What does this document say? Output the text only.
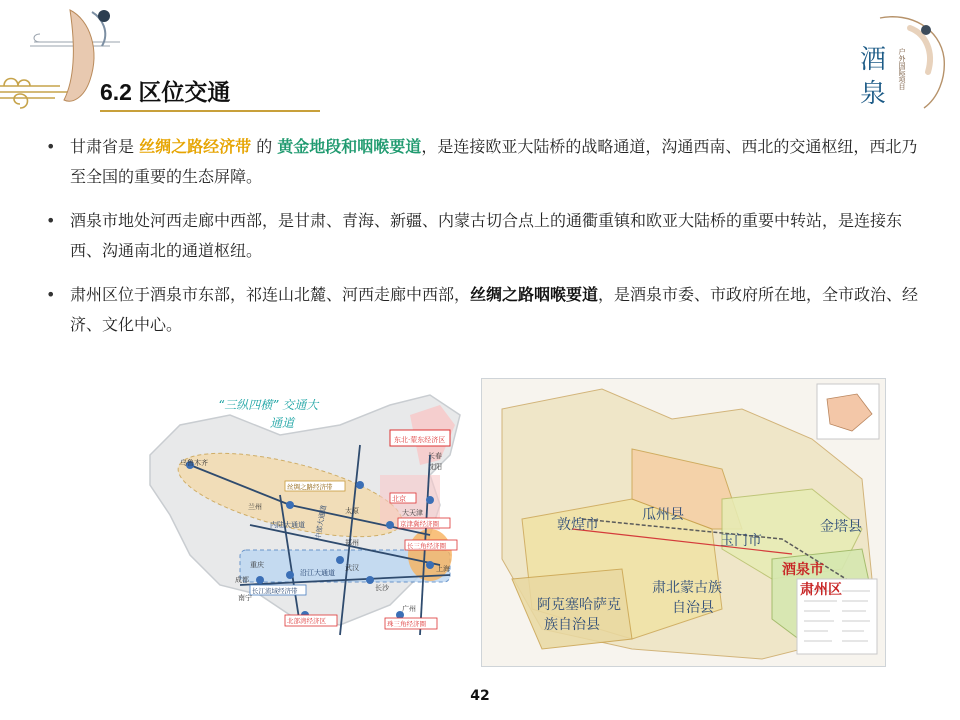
酒
泉
户外国际项目
6.2 区位交通
• 甘肃省是 丝绸之路经济带 的 黄金地段和咽喉要道，是连接欧亚大陆桥的战略通道，沟通西南、西北的交通枢纽，西北乃至全国的重要的生态屏障。
• 酒泉市地处河西走廊中西部，是甘肃、青海、新疆、内蒙古切合点上的通衢重镇和欧亚大陆桥的重要中转站，是连接东西、沟通南北的通道枢纽。
• 肃州区位于酒泉市东部，祁连山北麓、河西走廊中西部，丝绸之路咽喉要道，是酒泉市委、市政府所在地，全市政治、经济、文化中心。
东北·蒙东经济区
长春
沈阳
北京
大天津
京津冀经济圈
乌鲁木齐
丝绸之路经济带
兰州	太原
郑州
内陆大通道 中部大通道
武汉
重庆
成都
沿江大通道
长沙
上海
长三角经济圈
长江流域经济带
南宁
广州
北部湾经济区	珠三角经济圈
“三纵四横” 交通大
通道
敦煌市
瓜州县
玉门市
金塔县
酒泉市
肃州区
肃北蒙古族
自治县
阿克塞哈萨克
族自治县
42
